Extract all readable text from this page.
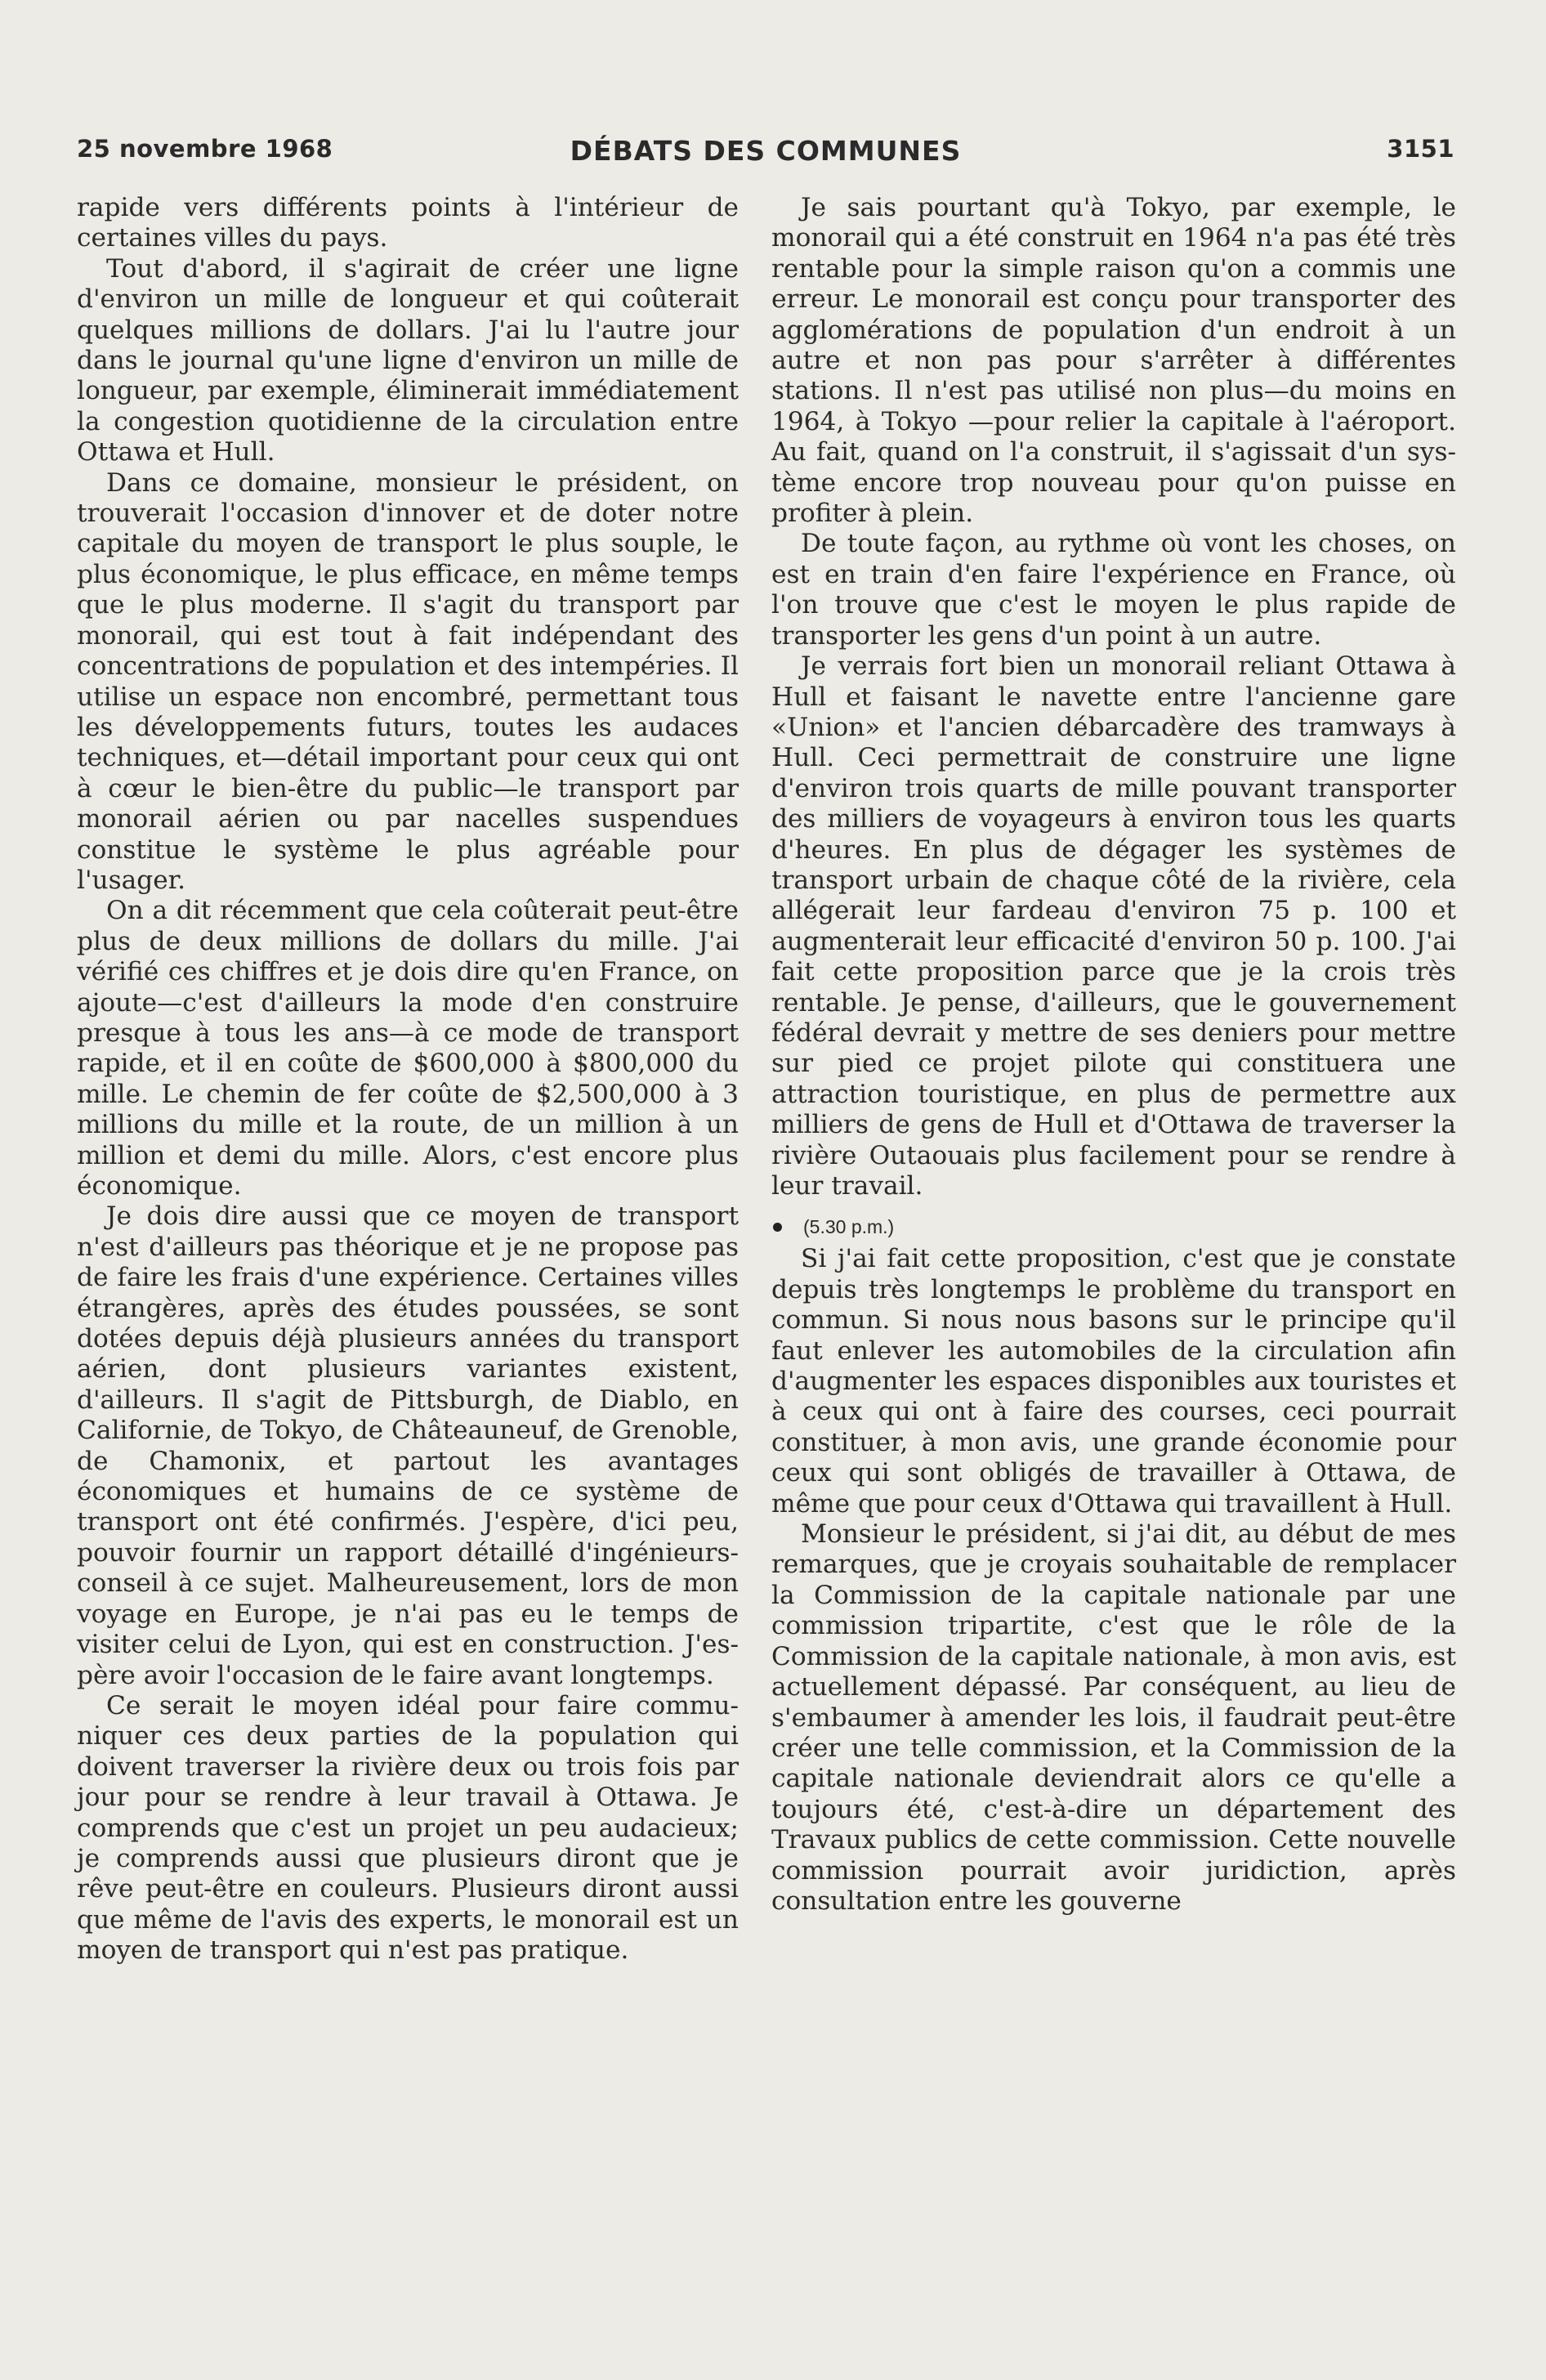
25 novembre 1968	DÉBATS DES COMMUNES	3151

rapide vers différents points à l'intérieur de certaines villes du pays.

Tout d'abord, il s'agirait de créer une ligne d'environ un mille de longueur et qui coûterait quelques millions de dollars. J'ai lu l'autre jour dans le journal qu'une ligne d'environ un mille de longueur, par exemple, éliminerait immédiatement la congestion quotidienne de la circulation entre Ottawa et Hull.

Dans ce domaine, monsieur le président, on trouverait l'occasion d'innover et de doter notre capitale du moyen de transport le plus souple, le plus économique, le plus efficace, en même temps que le plus moderne. Il s'agit du transport par monorail, qui est tout à fait indépendant des concentrations de population et des intempéries. Il utilise un espace non encombré, permettant tous les développements futurs, toutes les audaces techniques, et—détail important pour ceux qui ont à cœur le bien-être du public—le transport par monorail aérien ou par nacelles suspendues constitue le système le plus agréable pour l'usager.

On a dit récemment que cela coûterait peut-être plus de deux millions de dollars du mille. J'ai vérifié ces chiffres et je dois dire qu'en France, on ajoute—c'est d'ailleurs la mode d'en construire presque à tous les ans—à ce mode de transport rapide, et il en coûte de $600,000 à $800,000 du mille. Le chemin de fer coûte de $2,500,000 à 3 millions du mille et la route, de un million à un million et demi du mille. Alors, c'est encore plus économique.

Je dois dire aussi que ce moyen de transport n'est d'ailleurs pas théorique et je ne propose pas de faire les frais d'une expérience. Certaines villes étrangères, après des études poussées, se sont dotées depuis déjà plusieurs années du transport aérien, dont plusieurs variantes existent, d'ailleurs. Il s'agit de Pittsburgh, de Diablo, en Californie, de Tokyo, de Châteauneuf, de Grenoble, de Chamonix, et partout les avantages économiques et humains de ce système de transport ont été confirmés. J'espère, d'ici peu, pouvoir fournir un rapport détaillé d'ingénieurs-conseil à ce sujet. Malheureusement, lors de mon voyage en Europe, je n'ai pas eu le temps de visiter celui de Lyon, qui est en construction. J'espère avoir l'occasion de le faire avant longtemps.

Ce serait le moyen idéal pour faire communiquer ces deux parties de la population qui doivent traverser la rivière deux ou trois fois par jour pour se rendre à leur travail à Ottawa. Je comprends que c'est un projet un peu audacieux; je comprends aussi que plusieurs diront que je rêve peut-être en couleurs. Plusieurs diront aussi que même de l'avis des experts, le monorail est un moyen de transport qui n'est pas pratique.

Je sais pourtant qu'à Tokyo, par exemple, le monorail qui a été construit en 1964 n'a pas été très rentable pour la simple raison qu'on a commis une erreur. Le monorail est conçu pour transporter des agglomérations de population d'un endroit à un autre et non pas pour s'arrêter à différentes stations. Il n'est pas utilisé non plus—du moins en 1964, à Tokyo —pour relier la capitale à l'aéroport. Au fait, quand on l'a construit, il s'agissait d'un système encore trop nouveau pour qu'on puisse en profiter à plein.

De toute façon, au rythme où vont les choses, on est en train d'en faire l'expérience en France, où l'on trouve que c'est le moyen le plus rapide de transporter les gens d'un point à un autre.

Je verrais fort bien un monorail reliant Ottawa à Hull et faisant le navette entre l'ancienne gare «Union» et l'ancien débarcadère des tramways à Hull. Ceci permettrait de construire une ligne d'environ trois quarts de mille pouvant transporter des milliers de voyageurs à environ tous les quarts d'heures. En plus de dégager les systèmes de transport urbain de chaque côté de la rivière, cela allégerait leur fardeau d'environ 75 p. 100 et augmenterait leur efficacité d'environ 50 p. 100. J'ai fait cette proposition parce que je la crois très rentable. Je pense, d'ailleurs, que le gouvernement fédéral devrait y mettre de ses deniers pour mettre sur pied ce projet pilote qui constituera une attraction touristique, en plus de permettre aux milliers de gens de Hull et d'Ottawa de traverser la rivière Outaouais plus facilement pour se rendre à leur travail.

(5.30 p.m.)

Si j'ai fait cette proposition, c'est que je constate depuis très longtemps le problème du transport en commun. Si nous nous basons sur le principe qu'il faut enlever les automobiles de la circulation afin d'augmenter les espaces disponibles aux touristes et à ceux qui ont à faire des courses, ceci pourrait constituer, à mon avis, une grande économie pour ceux qui sont obligés de travailler à Ottawa, de même que pour ceux d'Ottawa qui travaillent à Hull.

Monsieur le président, si j'ai dit, au début de mes remarques, que je croyais souhaitable de remplacer la Commission de la capitale nationale par une commission tripartite, c'est que le rôle de la Commission de la capitale nationale, à mon avis, est actuellement dépassé. Par conséquent, au lieu de s'embaumer à amender les lois, il faudrait peut-être créer une telle commission, et la Commission de la capitale nationale deviendrait alors ce qu'elle a toujours été, c'est-à-dire un département des Travaux publics de cette commission. Cette nouvelle commission pourrait avoir juridiction, après consultation entre les gouverne
